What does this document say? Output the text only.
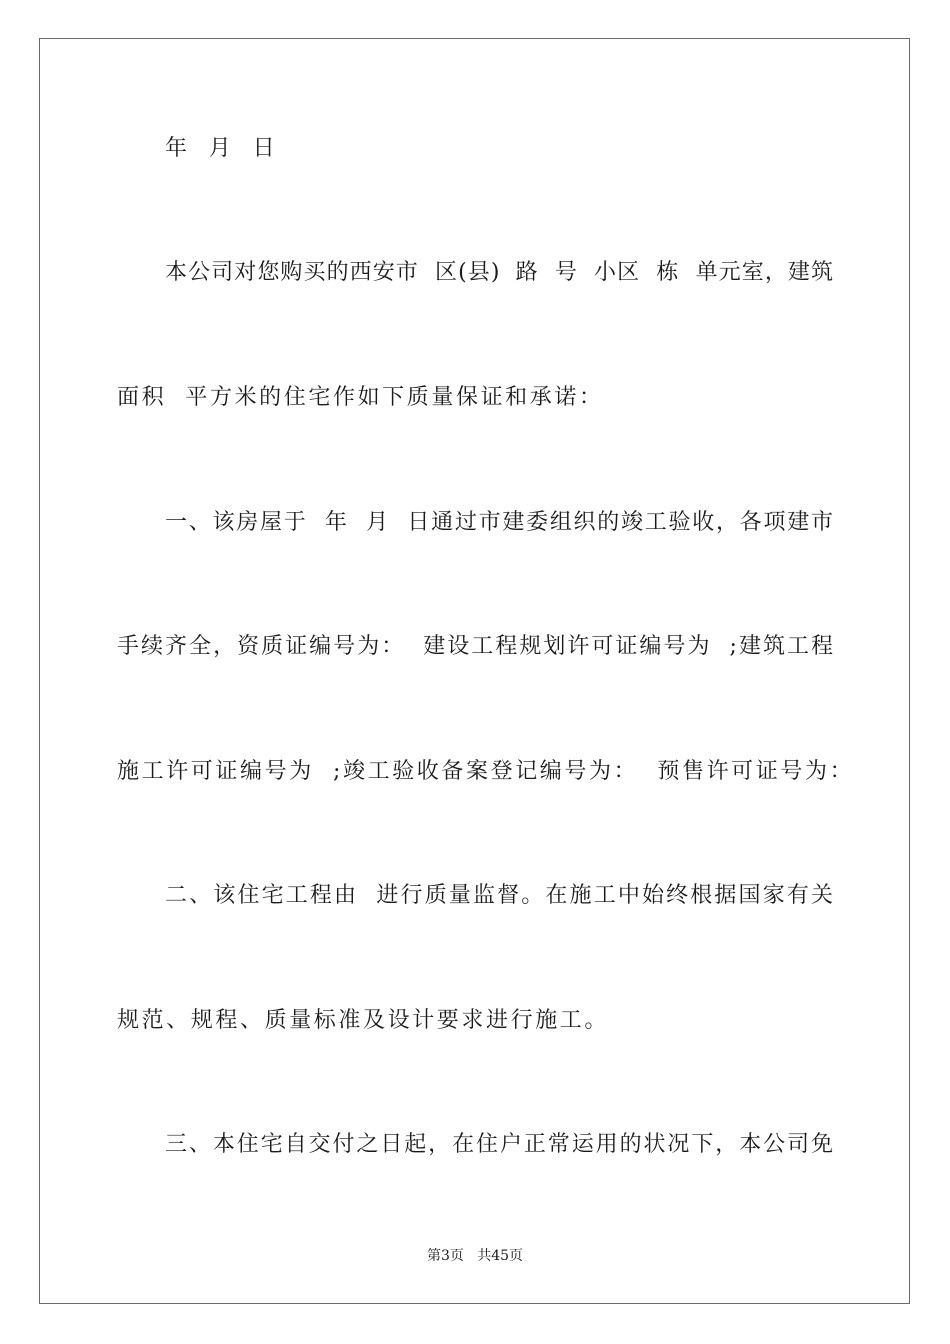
年  月  日
本公司对您购买的西安市  区(县)  路  号  小区  栋  单元室，建筑
面积  平方米的住宅作如下质量保证和承诺：
一、该房屋于  年  月  日通过市建委组织的竣工验收，各项建市
手续齐全，资质证编号为：  建设工程规划许可证编号为  ;建筑工程
施工许可证编号为  ;竣工验收备案登记编号为：  预售许可证号为：
二、该住宅工程由  进行质量监督。在施工中始终根据国家有关
规范、规程、质量标准及设计要求进行施工。
三、本住宅自交付之日起，在住户正常运用的状况下，本公司免
第3页   共45页
